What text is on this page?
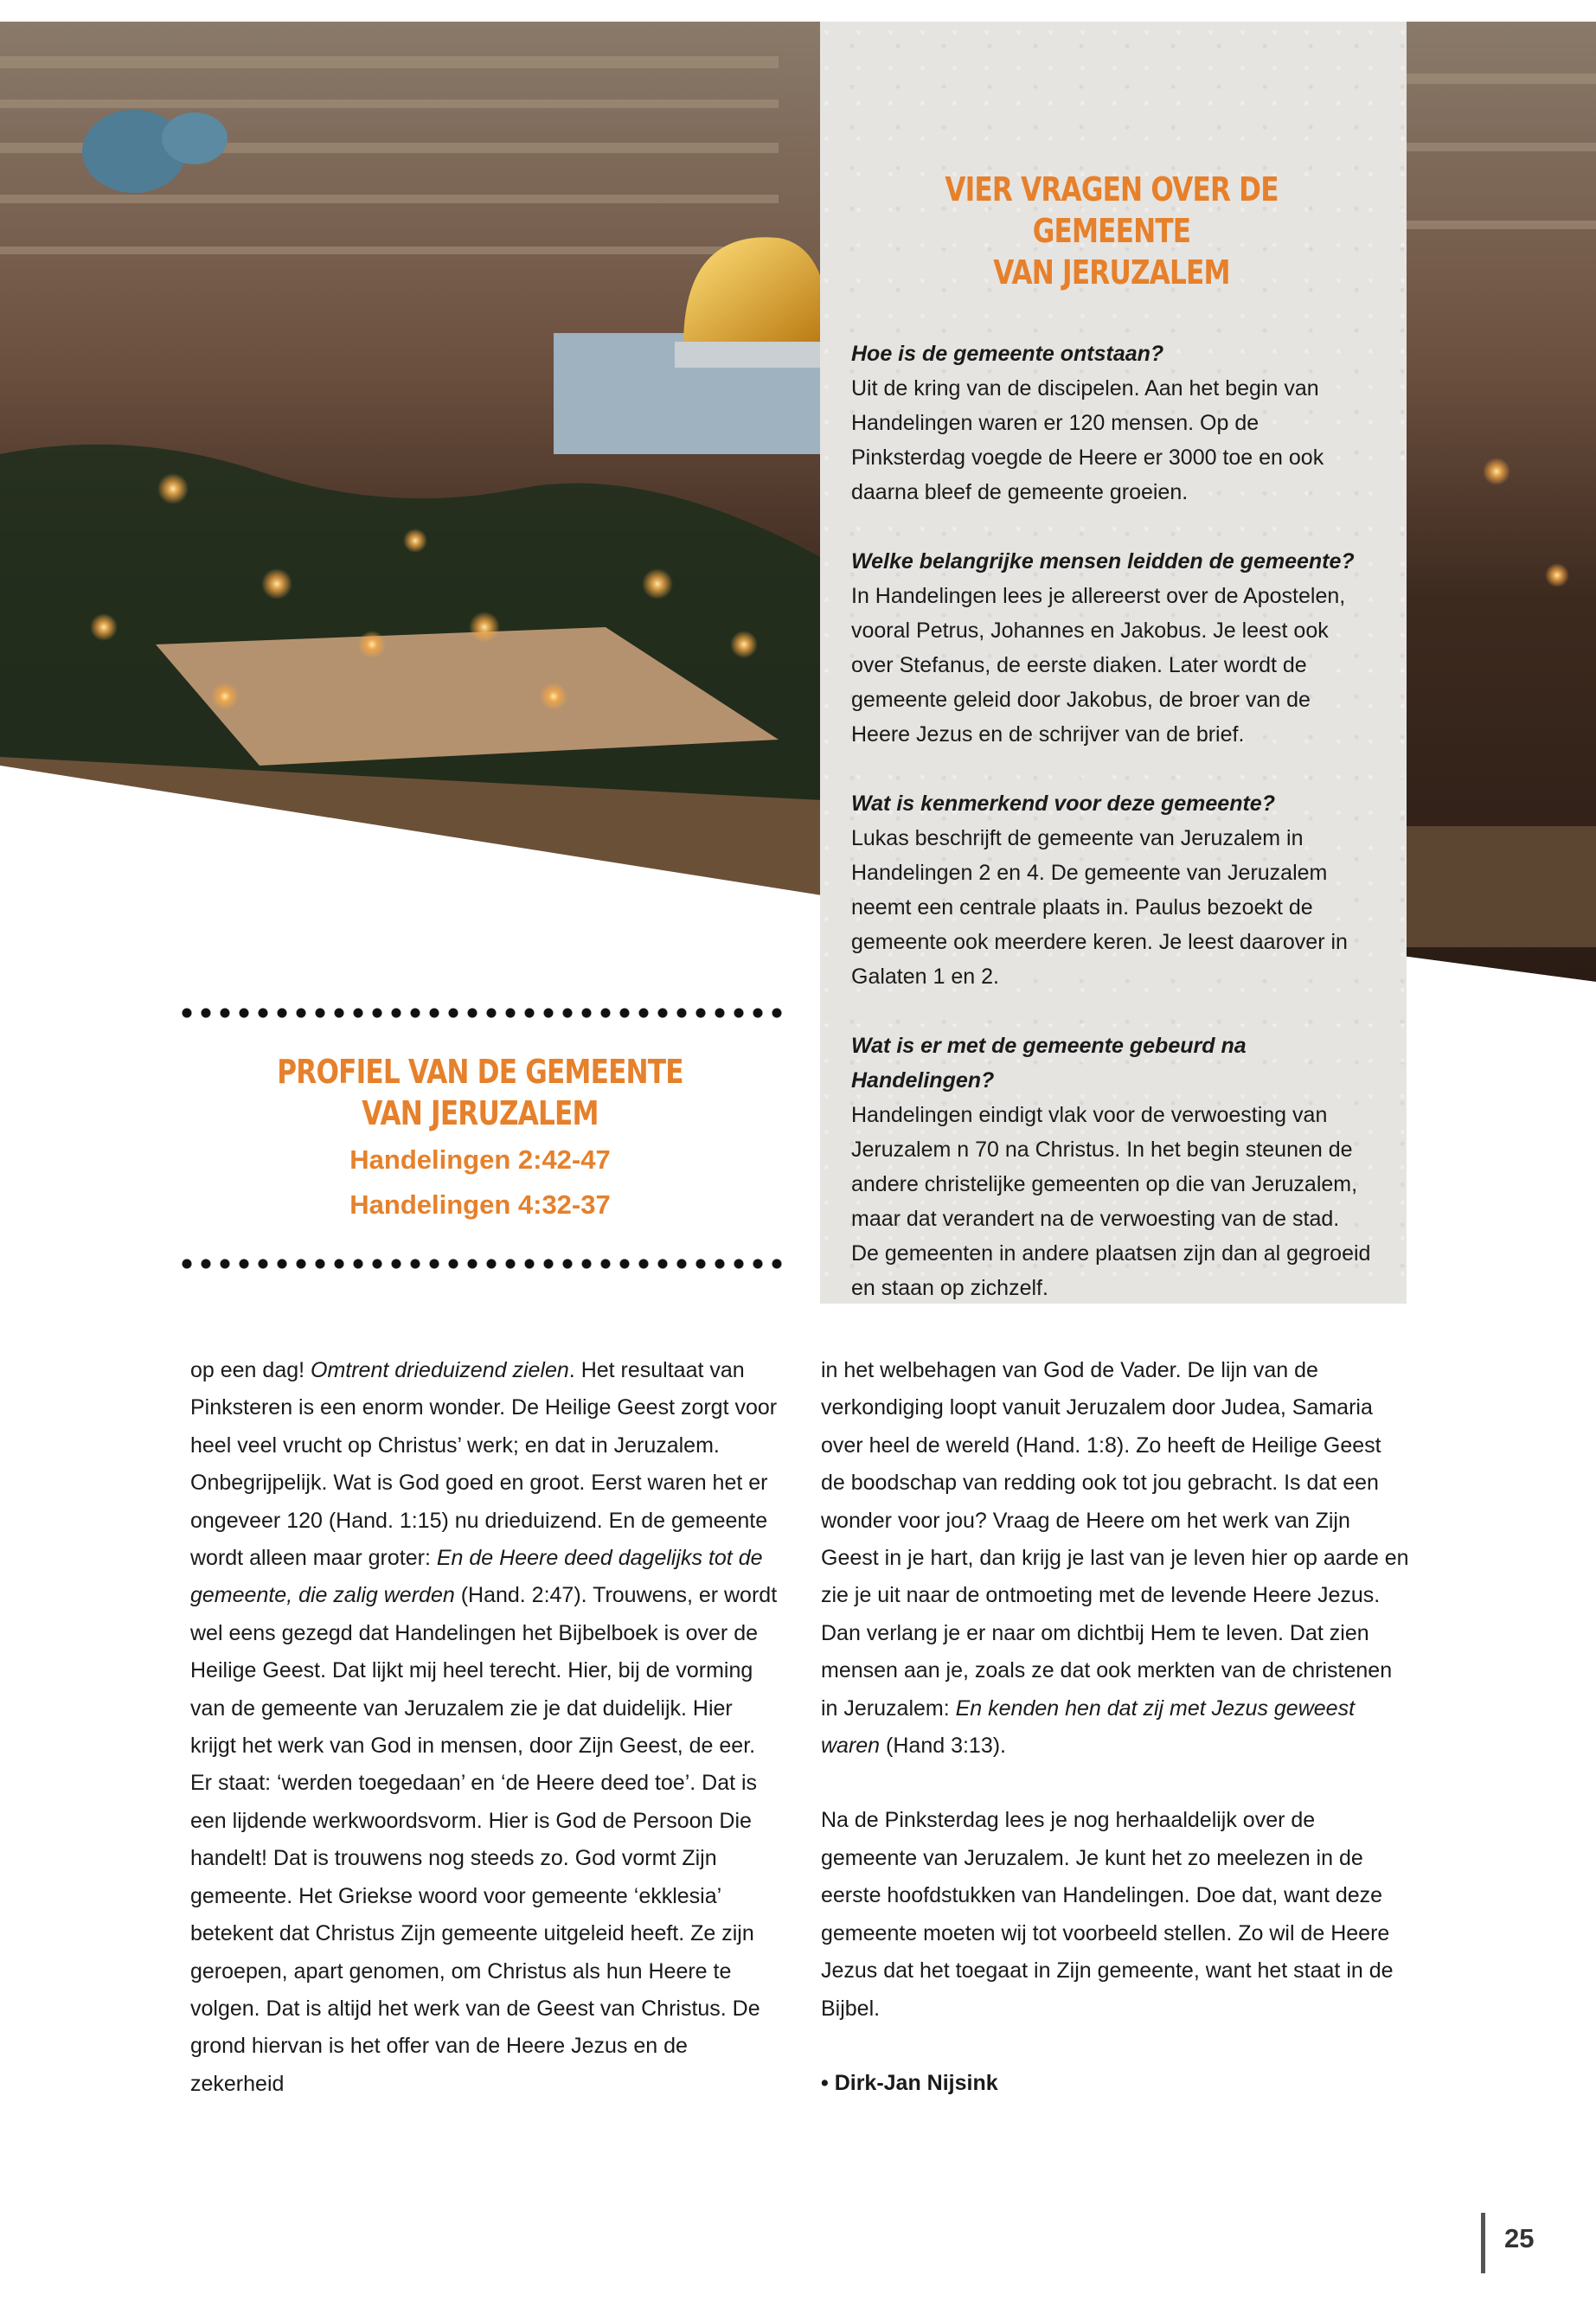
VIER VRAGEN OVER DE GEMEENTE
VAN JERUZALEM

Hoe is de gemeente ontstaan?

Uit de kring van de discipelen. Aan het begin van Handelingen waren er 120 mensen. Op de Pinksterdag voegde de Heere er 3000 toe en ook daarna bleef de gemeente groeien.

Welke belangrijke mensen leidden de gemeente?

In Handelingen lees je allereerst over de Apostelen, vooral Petrus, Johannes en Jakobus. Je leest ook over Stefanus, de eerste diaken. Later wordt de gemeente geleid door Jakobus, de broer van de Heere Jezus en de schrijver van de brief.

Wat is kenmerkend voor deze gemeente?

Lukas beschrijft de gemeente van Jeruzalem in Handelingen 2 en 4. De gemeente van Jeruzalem neemt een centrale plaats in. Paulus bezoekt de gemeente ook meerdere keren. Je leest daarover in Galaten 1 en 2.

Wat is er met de gemeente gebeurd na Handelingen?

Handelingen eindigt vlak voor de verwoesting van Jeruzalem n 70 na Christus. In het begin steunen de andere christelijke gemeenten op die van Jeruzalem, maar dat verandert na de verwoesting van de stad. De gemeenten in andere plaatsen zijn dan al gegroeid en staan op zichzelf.

PROFIEL VAN DE GEMEENTE
VAN JERUZALEM
Handelingen 2:42-47
Handelingen 4:32-37

op een dag! Omtrent drieduizend zielen. Het resultaat van Pinksteren is een enorm wonder. De Heilige Geest zorgt voor heel veel vrucht op Christus’ werk; en dat in Jeruzalem. Onbegrijpelijk. Wat is God goed en groot. Eerst waren het er ongeveer 120 (Hand. 1:15) nu drieduizend. En de gemeente wordt alleen maar groter: En de Heere deed dagelijks tot de gemeente, die zalig werden (Hand. 2:47). Trouwens, er wordt wel eens gezegd dat Handelingen het Bijbelboek is over de Heilige Geest. Dat lijkt mij heel terecht. Hier, bij de vorming van de gemeente van Jeruzalem zie je dat duidelijk. Hier krijgt het werk van God in mensen, door Zijn Geest, de eer. Er staat: ‘werden toegedaan’ en ‘de Heere deed toe’. Dat is een lijdende werkwoordsvorm. Hier is God de Persoon Die handelt! Dat is trouwens nog steeds zo. God vormt Zijn gemeente. Het Griekse woord voor gemeente ‘ekklesia’ betekent dat Christus Zijn gemeente uitgeleid heeft. Ze zijn geroepen, apart genomen, om Christus als hun Heere te volgen. Dat is altijd het werk van de Geest van Christus. De grond hiervan is het offer van de Heere Jezus en de zekerheid

in het welbehagen van God de Vader. De lijn van de verkondiging loopt vanuit Jeruzalem door Judea, Samaria over heel de wereld (Hand. 1:8). Zo heeft de Heilige Geest de boodschap van redding ook tot jou gebracht. Is dat een wonder voor jou? Vraag de Heere om het werk van Zijn Geest in je hart, dan krijg je last van je leven hier op aarde en zie je uit naar de ontmoeting met de levende Heere Jezus. Dan verlang je er naar om dichtbij Hem te leven. Dat zien mensen aan je, zoals ze dat ook merkten van de christenen in Jeruzalem: En kenden hen dat zij met Jezus geweest waren (Hand 3:13).

Na de Pinksterdag lees je nog herhaaldelijk over de gemeente van Jeruzalem. Je kunt het zo meelezen in de eerste hoofdstukken van Handelingen. Doe dat, want deze gemeente moeten wij tot voorbeeld stellen. Zo wil de Heere Jezus dat het toegaat in Zijn gemeente, want het staat in de Bijbel.

• Dirk-Jan Nijsink

25
